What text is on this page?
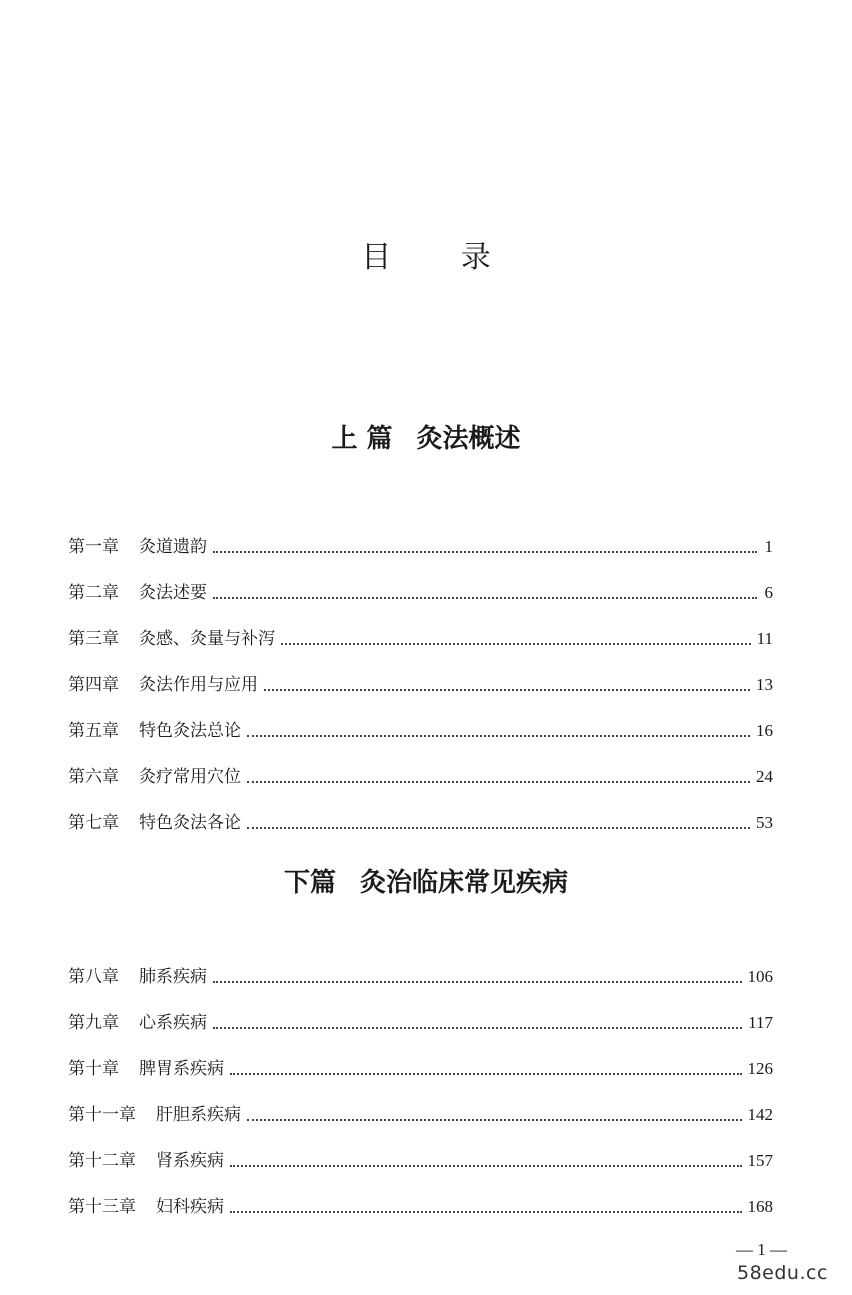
目 录
上 篇 灸法概述
第一章 灸道遗韵	1
第二章 灸法述要	6
第三章 灸感、灸量与补泻	11
第四章 灸法作用与应用	13
第五章 特色灸法总论	16
第六章 灸疗常用穴位	24
第七章 特色灸法各论	53
下篇 灸治临床常见疾病
第八章 肺系疾病	106
第九章 心系疾病	117
第十章 脾胃系疾病	126
第十一章 肝胆系疾病	142
第十二章 肾系疾病	157
第十三章 妇科疾病	168
— 1 —
58edu.cc
